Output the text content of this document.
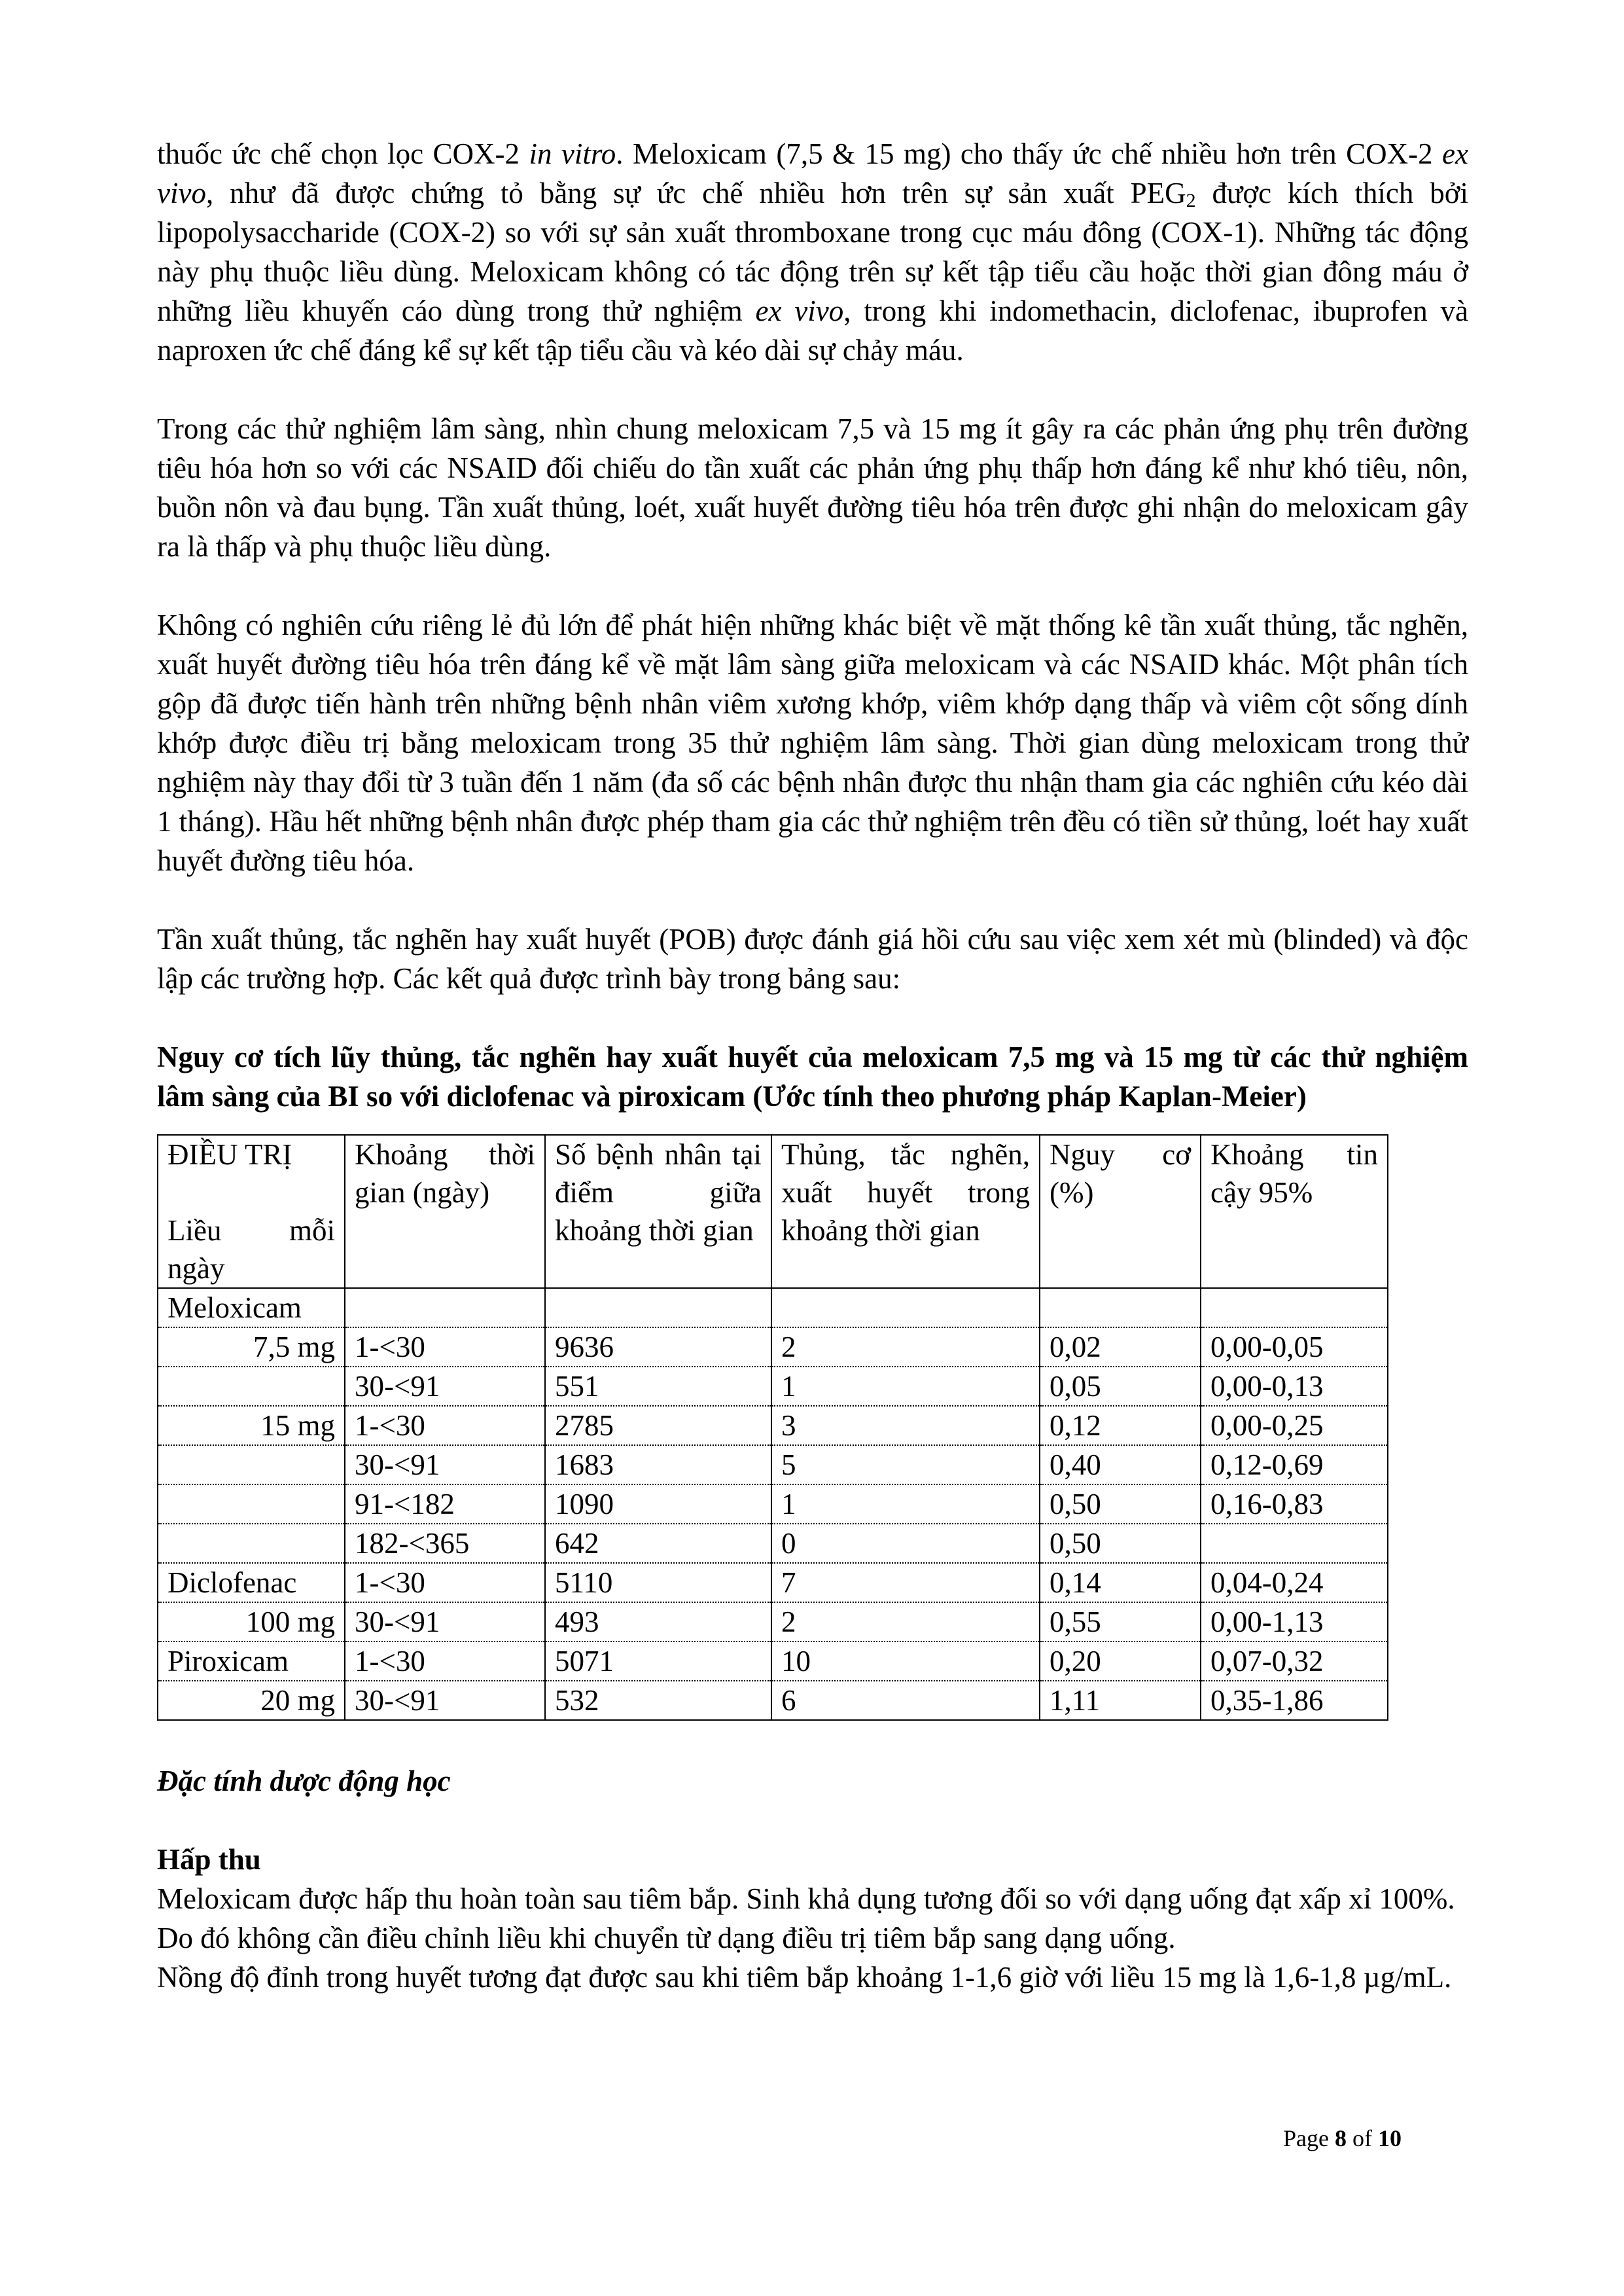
thuốc ức chế chọn lọc COX-2 in vitro. Meloxicam (7,5 & 15 mg) cho thấy ức chế nhiều hơn trên COX-2 ex vivo, như đã được chứng tỏ bằng sự ức chế nhiều hơn trên sự sản xuất $PEG_2$ được kích thích bởi lipopolysaccharide (COX-2) so với sự sản xuất thromboxane trong cục máu đông (COX-1). Những tác động này phụ thuộc liều dùng. Meloxicam không có tác động trên sự kết tập tiểu cầu hoặc thời gian đông máu ở những liều khuyến cáo dùng trong thử nghiệm ex vivo, trong khi indomethacin, diclofenac, ibuprofen và naproxen ức chế đáng kể sự kết tập tiểu cầu và kéo dài sự chảy máu.

Trong các thử nghiệm lâm sàng, nhìn chung meloxicam 7,5 và 15 mg ít gây ra các phản ứng phụ trên đường tiêu hóa hơn so với các NSAID đối chiếu do tần xuất các phản ứng phụ thấp hơn đáng kể như khó tiêu, nôn, buồn nôn và đau bụng. Tần xuất thủng, loét, xuất huyết đường tiêu hóa trên được ghi nhận do meloxicam gây ra là thấp và phụ thuộc liều dùng.

Không có nghiên cứu riêng lẻ đủ lớn để phát hiện những khác biệt về mặt thống kê tần xuất thủng, tắc nghẽn, xuất huyết đường tiêu hóa trên đáng kể về mặt lâm sàng giữa meloxicam và các NSAID khác. Một phân tích gộp đã được tiến hành trên những bệnh nhân viêm xương khớp, viêm khớp dạng thấp và viêm cột sống dính khớp được điều trị bằng meloxicam trong 35 thử nghiệm lâm sàng. Thời gian dùng meloxicam trong thử nghiệm này thay đổi từ 3 tuần đến 1 năm (đa số các bệnh nhân được thu nhận tham gia các nghiên cứu kéo dài 1 tháng). Hầu hết những bệnh nhân được phép tham gia các thử nghiệm trên đều có tiền sử thủng, loét hay xuất huyết đường tiêu hóa.

Tần xuất thủng, tắc nghẽn hay xuất huyết (POB) được đánh giá hồi cứu sau việc xem xét mù (blinded) và độc lập các trường hợp. Các kết quả được trình bày trong bảng sau:

Nguy cơ tích lũy thủng, tắc nghẽn hay xuất huyết của meloxicam 7,5 mg và 15 mg từ các thử nghiệm lâm sàng của BI so với diclofenac và piroxicam (Ước tính theo phương pháp Kaplan-Meier)

ĐIỀU TRỊ
Liều mỗi
ngày	Khoảng thời gian (ngày)	Số bệnh nhân tại điểm giữa khoảng thời gian	Thủng, tắc nghẽn, xuất huyết trong khoảng thời gian	Nguy cơ (%)	Khoảng tin cậy 95%

Meloxicam					
7,5 mg	1-<30	9636	2	0,02	0,00-0,05
	30-<91	551	1	0,05	0,00-0,13
15 mg	1-<30	2785	3	0,12	0,00-0,25
	30-<91	1683	5	0,40	0,12-0,69
	91-<182	1090	1	0,50	0,16-0,83
	182-<365	642	0	0,50	
Diclofenac	1-<30	5110	7	0,14	0,04-0,24
100 mg	30-<91	493	2	0,55	0,00-1,13
Piroxicam	1-<30	5071	10	0,20	0,07-0,32
20 mg	30-<91	532	6	1,11	0,35-1,86

Đặc tính dược động học

Hấp thu

Meloxicam được hấp thu hoàn toàn sau tiêm bắp. Sinh khả dụng tương đối so với dạng uống đạt xấp xỉ 100%.

Do đó không cần điều chỉnh liều khi chuyển từ dạng điều trị tiêm bắp sang dạng uống.

Nồng độ đỉnh trong huyết tương đạt được sau khi tiêm bắp khoảng 1-1,6 giờ với liều 15 mg là 1,6-1,8 µg/mL.

Page 8 of 10
